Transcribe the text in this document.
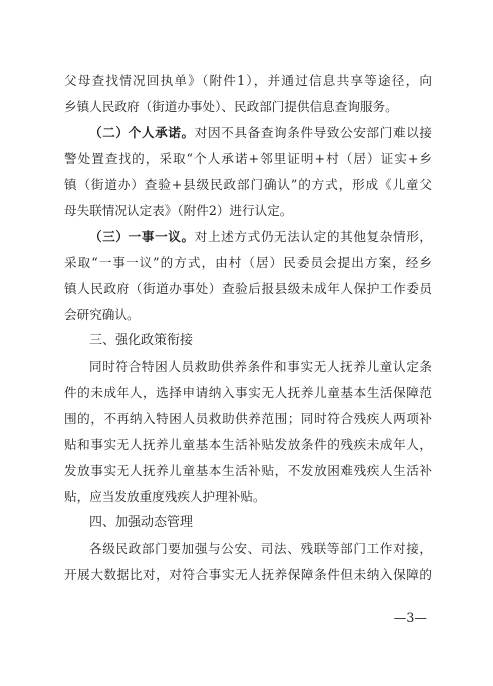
父母查找情况回执单》（附件1），并通过信息共享等途径，向
乡镇人民政府（街道办事处）、民政部门提供信息查询服务。
（二）个人承诺。对因不具备查询条件导致公安部门难以接
警处置查找的，采取“个人承诺+邻里证明+村（居）证实+乡
镇（街道办）查验+县级民政部门确认”的方式，形成《儿童父
母失联情况认定表》（附件2）进行认定。
（三）一事一议。对上述方式仍无法认定的其他复杂情形，
采取“一事一议”的方式，由村（居）民委员会提出方案，经乡
镇人民政府（街道办事处）查验后报县级未成年人保护工作委员
会研究确认。
三、强化政策衔接
同时符合特困人员救助供养条件和事实无人抚养儿童认定条
件的未成年人，选择申请纳入事实无人抚养儿童基本生活保障范
围的，不再纳入特困人员救助供养范围；同时符合残疾人两项补
贴和事实无人抚养儿童基本生活补贴发放条件的残疾未成年人，
发放事实无人抚养儿童基本生活补贴，不发放困难残疾人生活补
贴，应当发放重度残疾人护理补贴。
四、加强动态管理
各级民政部门要加强与公安、司法、残联等部门工作对接，
开展大数据比对，对符合事实无人抚养保障条件但未纳入保障的
—3—
